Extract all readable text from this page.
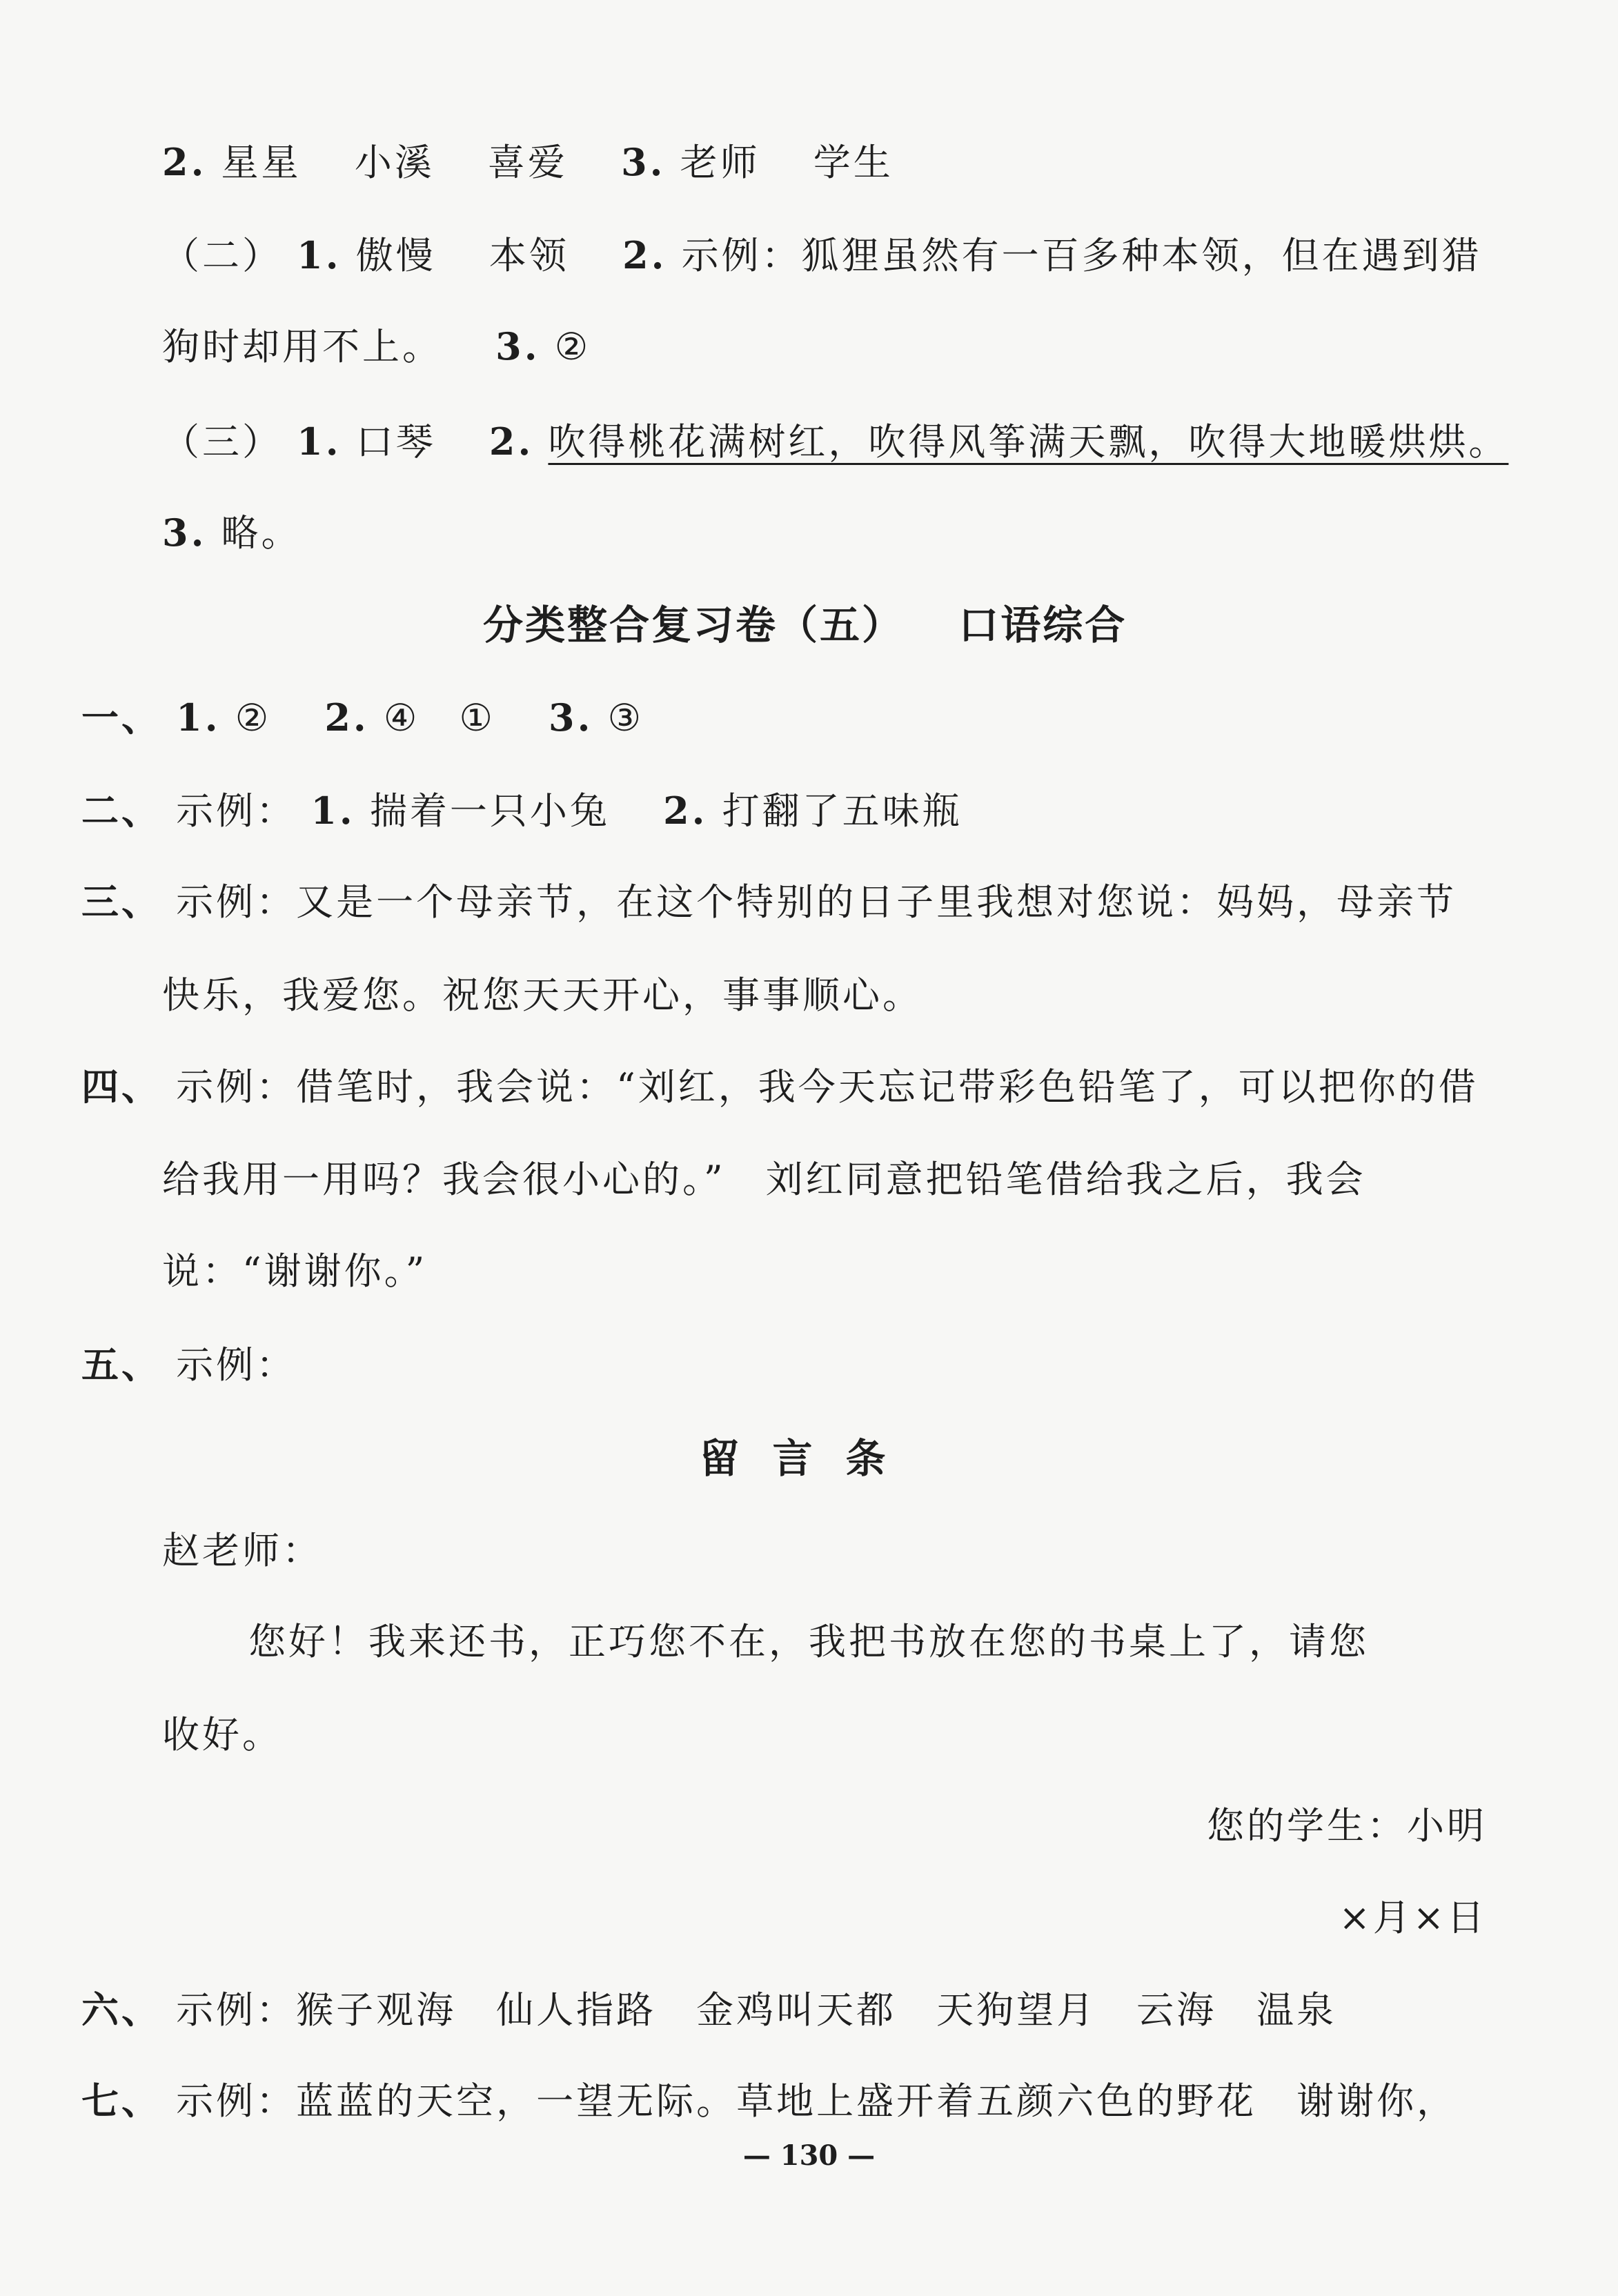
2. 星星 小溪 喜爱 3. 老师 学生
（二） 1. 傲慢 本领 2. 示例：狐狸虽然有一百多种本领，但在遇到猎
狗时却用不上。 3. ②
（三） 1. 口琴 2. 吹得桃花满树红，吹得风筝满天飘，吹得大地暖烘烘。
3. 略。
分类整合复习卷（五） 口语综合
一、 1. ② 2. ④ ① 3. ③
二、 示例： 1. 揣着一只小兔 2. 打翻了五味瓶
三、 示例：又是一个母亲节，在这个特别的日子里我想对您说：妈妈，母亲节
快乐，我爱您。祝您天天开心，事事顺心。
四、 示例：借笔时，我会说：“刘红，我今天忘记带彩色铅笔了，可以把你的借
给我用一用吗？我会很小心的。”　刘红同意把铅笔借给我之后，我会
说：“谢谢你。”
五、 示例：
留言条
赵老师：
您好！我来还书，正巧您不在，我把书放在您的书桌上了，请您
收好。
您的学生：小明
×月×日
六、 示例：猴子观海　仙人指路　金鸡叫天都　天狗望月　云海　温泉
七、 示例：蓝蓝的天空，一望无际。草地上盛开着五颜六色的野花　谢谢你，
— 130 —
